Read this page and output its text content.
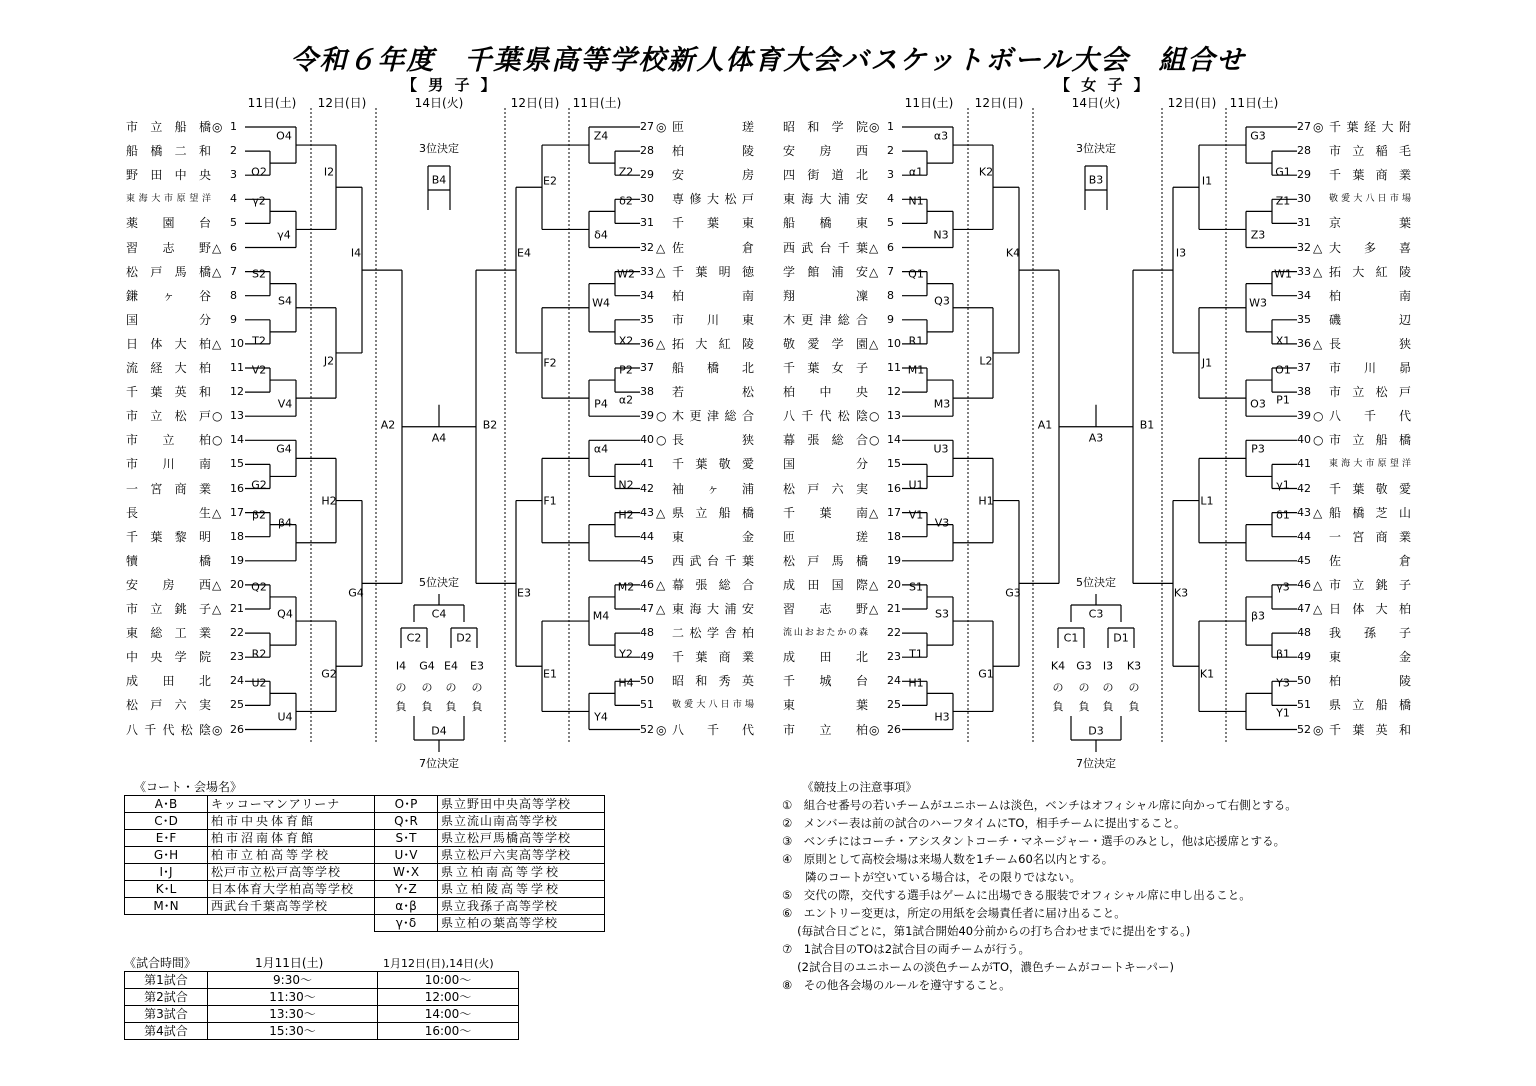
令和６年度　千葉県高等学校新人体育大会バスケットボール大会　組合せ
【 男 子 】	【 女 子 】
11日(土) 12日(日)	14日(火)	12日(日) 11日(土)
市立船橋 ◎ 1
船橋二和 2
野田中央 3
東海大市原望洋 4
薬園台 5
習志野 △ 6
松戸馬橋 △ 7
鎌ヶ谷 8
国分 9
日体大柏 △ 10
流経大柏 11
千葉英和 12
市立松戸 ○ 13
市立柏 ○ 14
市川南 15
一宮商業 16
長生 △ 17
千葉黎明 18
犢橋 19
安房西 △ 20
市立銚子 △ 21
東総工業 22
中央学院 23
成田北 24
松戸六実 25
八千代松陰 ◎ 26
27 ◎ 匝瑳
28 柏陵
29 安房
30 専修大松戸
31 千葉東
32 △ 佐倉
33 △ 千葉明徳
34 柏南
35 市川東
36 △ 拓大紅陵
37 船橋北
38 若松
39 ○ 木更津総合
40 ○ 長狭
41 千葉敬愛
42 袖ヶ浦
43 △ 県立船橋
44 東金
45 西武台千葉
46 △ 幕張総合
47 △ 東海大浦安
48 二松学舎柏
49 千葉商業
50 昭和秀英
51 敬愛大八日市場
52 ◎ 八千代
O4
O2
γ2
γ4
S2
S4
T2
V2
V4
I2
J2
G4
G2
Q2
Q4
R2
β2
β4
U2
U4
H2
G2
I4
G4
A2
A4
B2
E4
E3
E2
F2
F1
E1
Z4
δ4
W2
W4
P2
P4
α4
M2
M4
H4
Y4
Z2
δ2
X2
α2
N2
H2
Y2
3位決定
B4
5位決定
C4
C2	D2
I4
の
負
G4
の
負
E4
の
負
E3
の
負
D4
7位決定
11日(土) 12日(日)	14日(火)	12日(日) 11日(土)
昭和学院 ◎ 1
安房西 2
四街道北 3
東海大浦安 4
船橋東 5
西武台千葉 △ 6
学館浦安 △ 7
翔凜 8
木更津総合 9
敬愛学園 △ 10
千葉女子 11
柏中央 12
八千代松陰 ○ 13
幕張総合 ○ 14
国分 15
松戸六実 16
千葉南 △ 17
匝瑳 18
松戸馬橋 19
成田国際 △ 20
習志野 △ 21
流山おおたかの森 22
成田北 23
千城台 24
東葉 25
市立柏 ◎ 26
27 ◎ 千葉経大附
28 市立稲毛
29 千葉商業
30 敬愛大八日市場
31 京葉
32 △ 大多喜
33 △ 拓大紅陵
34 柏南
35 磯辺
36 △ 長狭
37 市川昴
38 市立松戸
39 ○ 八千代
40 ○ 市立船橋
41 東海大市原望洋
42 千葉敬愛
43 △ 船橋芝山
44 一宮商業
45 佐倉
46 △ 市立銚子
47 △ 日体大柏
48 我孫子
49 東金
50 柏陵
51 県立船橋
52 ◎ 千葉英和
α3
α1
N1
N3
Q1
Q3
R1
M1
M3
K2
L2
U3
U1
S1
S3
T1
V1
V3
H1
H3
H1
G1
K4
G3
A1
A3
B1
I3
K3
I1
J1
L1
K1
G3
Z3
W1
W3
O1
O3
P3
γ3
β3
Y3
G1
Z1
X1
P1
γ1
δ1
β1
Y1
3位決定
B3
5位決定
C3
C1	D1
K4
の
負
G3
の
負
I3
の
負
K3
の
負
D3
7位決定
《コート・会場名》
A･B	キッコーマンアリーナ	O･P	県立野田中央高等学校
C･D	柏市中央体育館	Q･R	県立流山南高等学校
E･F	柏市沼南体育館	S･T	県立松戸馬橋高等学校
G･H	柏市立柏高等学校	U･V	県立松戸六実高等学校
I･J	松戸市立松戸高等学校	W･X	県立柏南高等学校
K･L	日本体育大学柏高等学校	Y･Z	県立柏陵高等学校
M･N	西武台千葉高等学校	α･β	県立我孫子高等学校
		γ･δ	県立柏の葉高等学校
《試合時間》	1月11日(土)	1月12日(日),14日(火)
第1試合	9:30～	10:00～
第2試合	11:30～	12:00～
第3試合	13:30～	14:00～
第4試合	15:30～	16:00～
《競技上の注意事項》
①　組合せ番号の若いチームがユニホームは淡色，ベンチはオフィシャル席に向かって右側とする。
②　メンバー表は前の試合のハーフタイムにTO，相手チームに提出すること。
③　ベンチにはコーチ・アシスタントコーチ・マネージャー・選手のみとし，他は応援席とする。
④　原則として高校会場は来場人数を1チーム60名以内とする。
　　隣のコートが空いている場合は，その限りではない。
⑤　交代の際，交代する選手はゲームに出場できる服装でオフィシャル席に申し出ること。
⑥　エントリー変更は，所定の用紙を会場責任者に届け出ること。
　 (毎試合日ごとに，第1試合開始40分前からの打ち合わせまでに提出をする。)
⑦　1試合目のTOは2試合目の両チームが行う。
　 (2試合目のユニホームの淡色チームがTO，濃色チームがコートキーパー)
⑧　その他各会場のルールを遵守すること。
